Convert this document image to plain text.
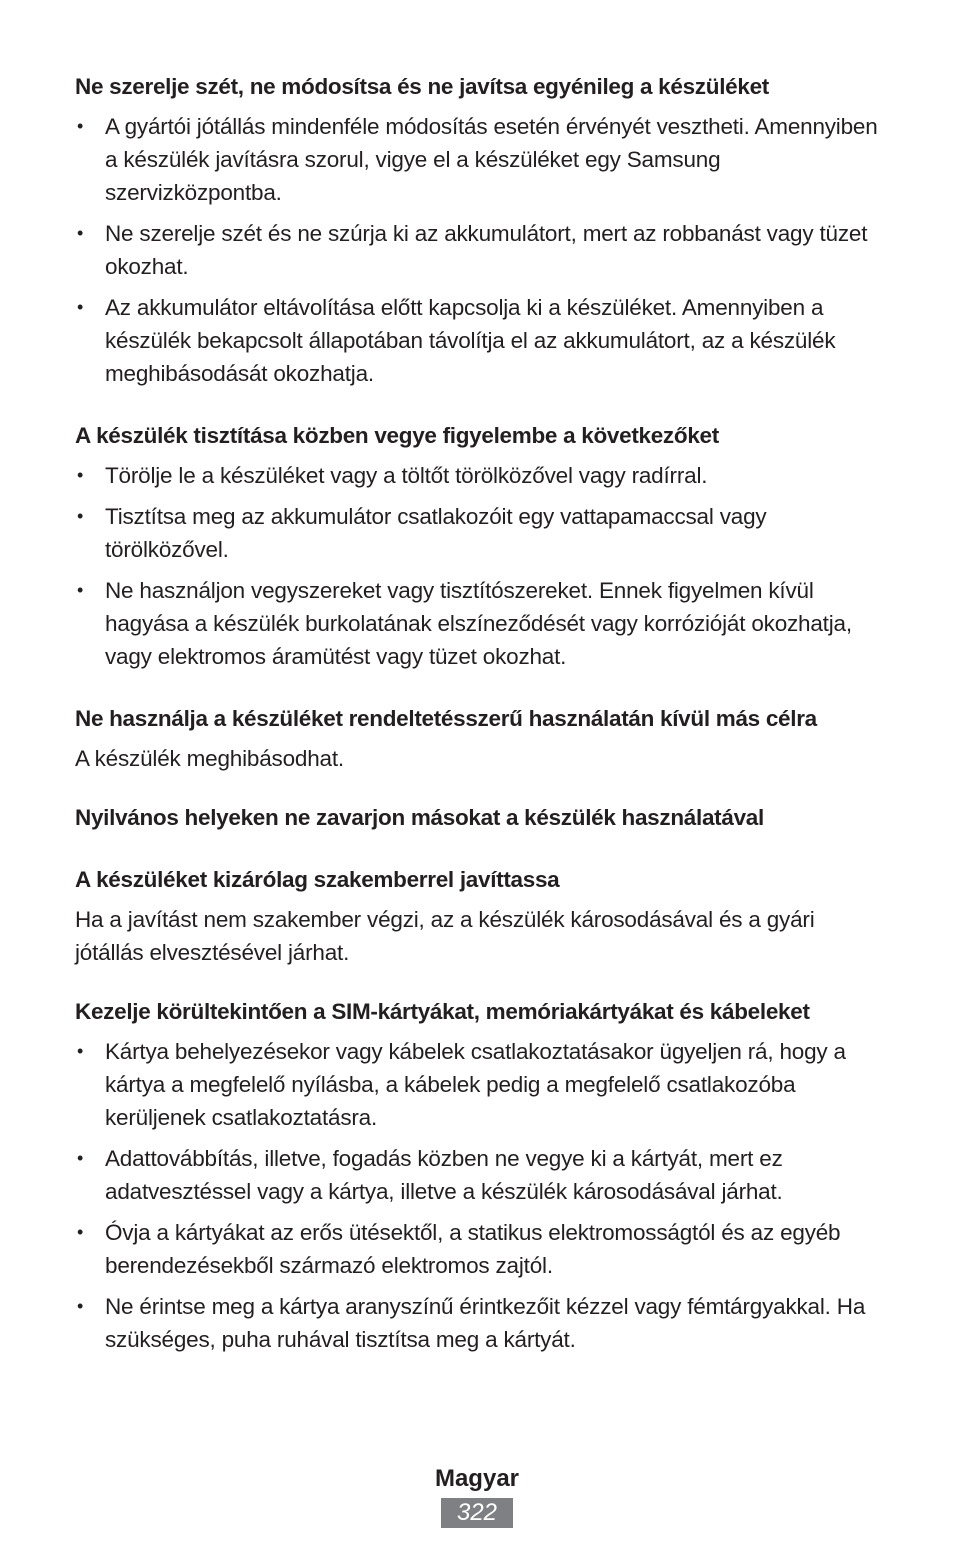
Ne szerelje szét, ne módosítsa és ne javítsa egyénileg a készüléket
• A gyártói jótállás mindenféle módosítás esetén érvényét vesztheti. Amennyiben a készülék javításra szorul, vigye el a készüléket egy Samsung szervizközpontba.
• Ne szerelje szét és ne szúrja ki az akkumulátort, mert az robbanást vagy tüzet okozhat.
• Az akkumulátor eltávolítása előtt kapcsolja ki a készüléket. Amennyiben a készülék bekapcsolt állapotában távolítja el az akkumulátort, az a készülék meghibásodását okozhatja.
A készülék tisztítása közben vegye figyelembe a következőket
• Törölje le a készüléket vagy a töltőt törölközővel vagy radírral.
• Tisztítsa meg az akkumulátor csatlakozóit egy vattapamaccsal vagy törölközővel.
• Ne használjon vegyszereket vagy tisztítószereket. Ennek figyelmen kívül hagyása a készülék burkolatának elszíneződését vagy korrózióját okozhatja, vagy elektromos áramütést vagy tüzet okozhat.
Ne használja a készüléket rendeltetésszerű használatán kívül más célra

A készülék meghibásodhat.

Nyilvános helyeken ne zavarjon másokat a készülék használatával
A készüléket kizárólag szakemberrel javíttassa

Ha a javítást nem szakember végzi, az a készülék károsodásával és a gyári jótállás elvesztésével járhat.

Kezelje körültekintően a SIM-kártyákat, memóriakártyákat és kábeleket
• Kártya behelyezésekor vagy kábelek csatlakoztatásakor ügyeljen rá, hogy a kártya a megfelelő nyílásba, a kábelek pedig a megfelelő csatlakozóba kerüljenek csatlakoztatásra.
• Adattovábbítás, illetve, fogadás közben ne vegye ki a kártyát, mert ez adatvesztéssel vagy a kártya, illetve a készülék károsodásával járhat.
• Óvja a kártyákat az erős ütésektől, a statikus elektromosságtól és az egyéb berendezésekből származó elektromos zajtól.
• Ne érintse meg a kártya aranyszínű érintkezőit kézzel vagy fémtárgyakkal. Ha szükséges, puha ruhával tisztítsa meg a kártyát.
Magyar
322
